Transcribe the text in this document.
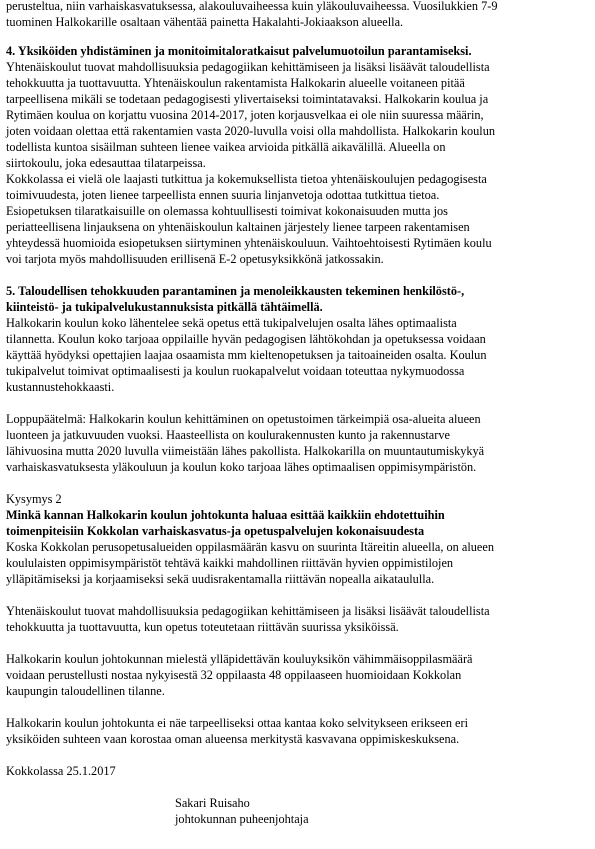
perusteltua, niin varhaiskasvatuksessa, alakouluvaiheessa kuin yläkouluvaiheessa. Vuosilukkien 7-9
tuominen Halkokarille osaltaan vähentää painetta Hakalahti-Jokiaakson alueella.
4. Yksiköiden yhdistäminen ja monitoimitaloratkaisut palvelumuotoilun parantamiseksi.
Yhtenäiskoulut tuovat mahdollisuuksia pedagogiikan kehittämiseen ja lisäksi lisäävät taloudellista
tehokkuutta ja tuottavuutta. Yhtenäiskoulun rakentamista Halkokarin alueelle voitaneen pitää
tarpeellisena mikäli se todetaan pedagogisesti ylivertaiseksi toimintatavaksi. Halkokarin koulua ja
Rytimäen koulua on korjattu vuosina 2014-2017, joten korjausvelkaa ei ole niin suuressa määrin,
joten voidaan olettaa että rakentamien vasta 2020-luvulla voisi olla mahdollista. Halkokarin koulun
todellista kuntoa sisäilman suhteen lienee vaikea arvioida pitkällä aikavälillä. Alueella on
siirtokoulu, joka edesauttaa tilatarpeissa.
Kokkolassa ei vielä ole laajasti tutkittua ja kokemuksellista tietoa yhtenäiskoulujen pedagogisesta
toimivuudesta, joten lienee tarpeellista ennen suuria linjanvetoja odottaa tutkittua tietoa.
Esiopetuksen tilaratkaisuille on olemassa kohtuullisesti toimivat kokonaisuuden mutta jos
periatteellisena linjauksena on yhtenäiskoulun kaltainen järjestely lienee tarpeen rakentamisen
yhteydessä huomioida esiopetuksen siirtyminen yhtenäiskouluun. Vaihtoehtoisesti Rytimäen koulu
voi tarjota myös mahdollisuuden erillisenä E-2 opetusyksikkönä jatkossakin.
5. Taloudellisen tehokkuuden parantaminen ja menoleikkausten tekeminen henkilöstö-,
kiinteistö- ja tukipalvelukustannuksista pitkällä tähtäimellä.
Halkokarin koulun koko lähentelee sekä opetus että tukipalvelujen osalta lähes optimaalista
tilannetta. Koulun koko tarjoaa oppilaille hyvän pedagogisen lähtökohdan ja opetuksessa voidaan
käyttää hyödyksi opettajien laajaa osaamista mm kieltenopetuksen ja taitoaineiden osalta. Koulun
tukipalvelut toimivat optimaalisesti ja koulun ruokapalvelut voidaan toteuttaa nykymuodossa
kustannustehokkaasti.
Loppupäätelmä: Halkokarin koulun kehittäminen on opetustoimen tärkeimpiä osa-alueita alueen
luonteen ja jatkuvuuden vuoksi. Haasteellista on koulurakennusten kunto ja rakennustarve
lähivuosina mutta 2020 luvulla viimeistään lähes pakollista. Halkokarilla on muuntautumiskykyä
varhaiskasvatuksesta yläkouluun ja koulun koko tarjoaa lähes optimaalisen oppimisympäristön.
Kysymys 2
Minkä kannan Halkokarin koulun johtokunta haluaa esittää kaikkiin ehdotettuihin
toimenpiteisiin Kokkolan varhaiskasvatus-ja opetuspalvelujen kokonaisuudesta
Koska Kokkolan perusopetusalueiden oppilasmäärän kasvu on suurinta Itäreitin alueella, on alueen
koululaisten oppimisympäristöt tehtävä kaikki mahdollinen riittävän hyvien oppimistilojen
ylläpitämiseksi ja korjaamiseksi sekä uudisrakentamalla riittävän nopealla aikataululla.
Yhtenäiskoulut tuovat mahdollisuuksia pedagogiikan kehittämiseen ja lisäksi lisäävät taloudellista
tehokkuutta ja tuottavuutta, kun opetus toteutetaan riittävän suurissa yksiköissä.
Halkokarin koulun johtokunnan mielestä ylläpidettävän kouluyksikön vähimmäisoppilasmäärä
voidaan perustellusti nostaa nykyisestä 32 oppilaasta 48 oppilaaseen huomioidaan Kokkolan
kaupungin taloudellinen tilanne.
Halkokarin koulun johtokunta ei näe tarpeelliseksi ottaa kantaa koko selvitykseen erikseen eri
yksiköiden suhteen vaan korostaa oman alueensa merkitystä kasvavana oppimiskeskuksena.
Kokkolassa 25.1.2017
Sakari Ruisaho
johtokunnan puheenjohtaja
